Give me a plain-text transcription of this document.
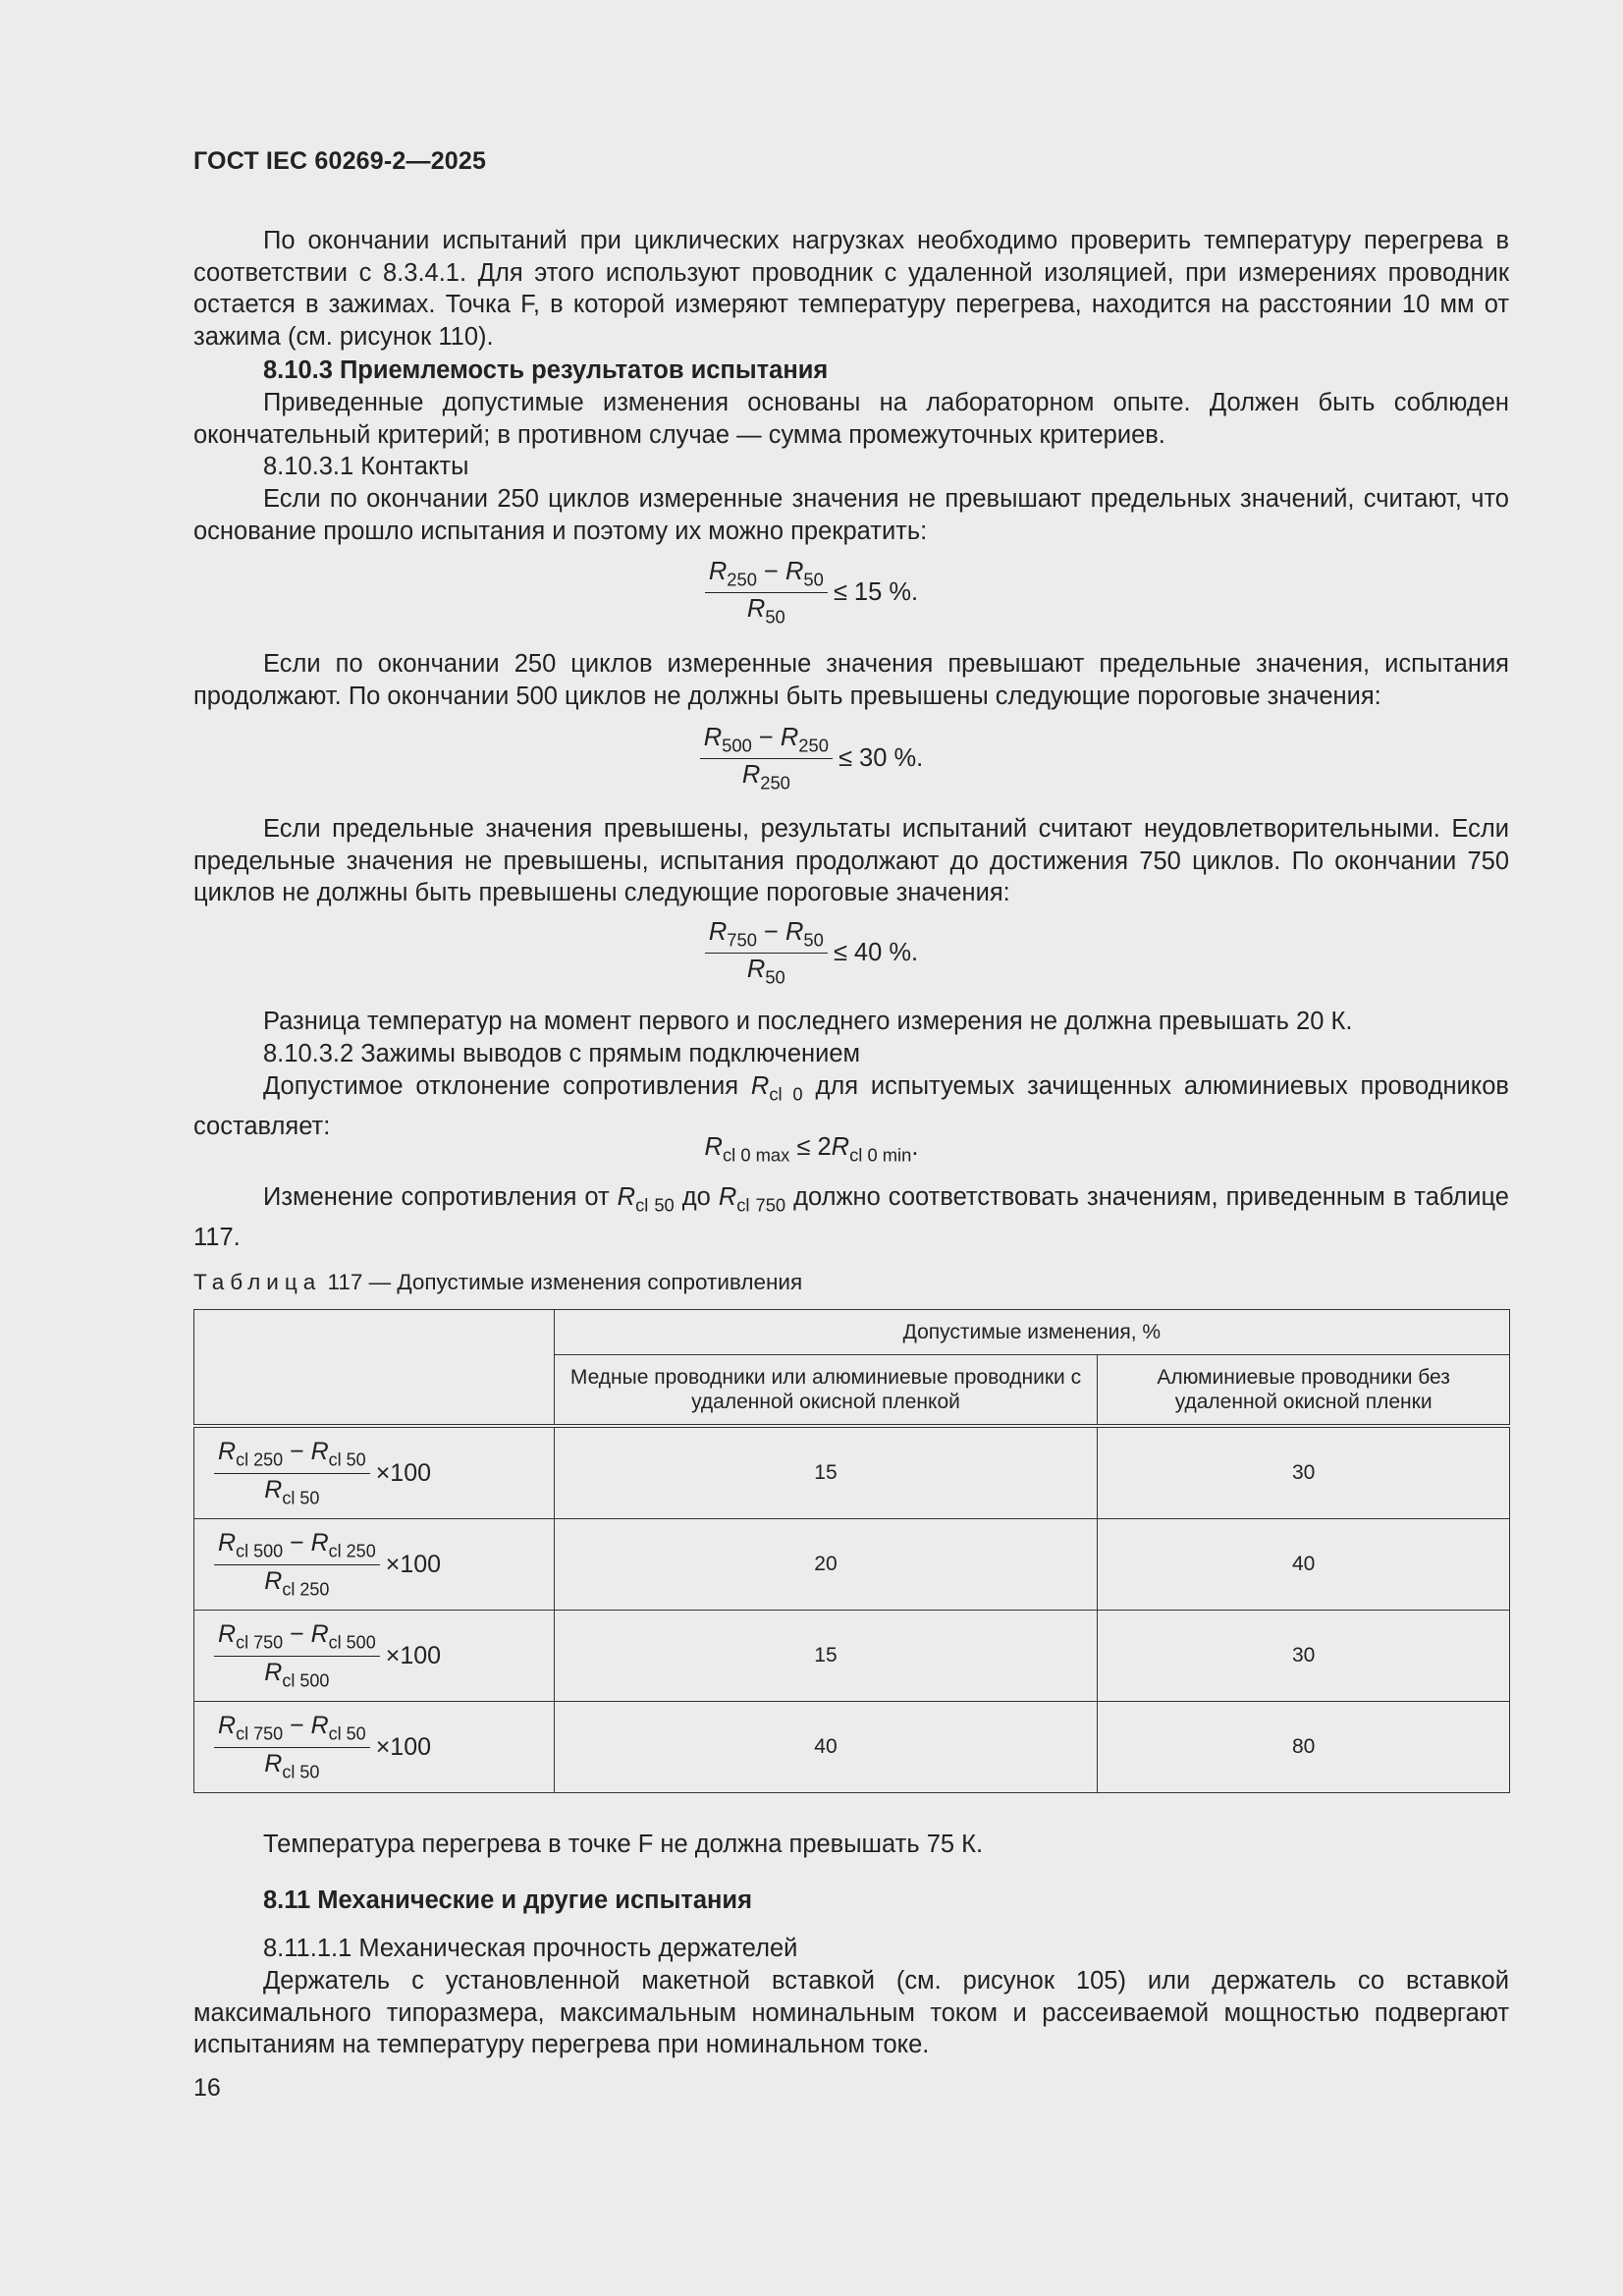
ГОСТ IEC 60269-2—2025
По окончании испытаний при циклических нагрузках необходимо проверить температуру перегрева в соответствии с 8.3.4.1. Для этого используют проводник с удаленной изоляцией, при измерениях проводник остается в зажимах. Точка F, в которой измеряют температуру перегрева, находится на расстоянии 10 мм от зажима (см. рисунок 110).
8.10.3 Приемлемость результатов испытания
Приведенные допустимые изменения основаны на лабораторном опыте. Должен быть соблюден окончательный критерий; в противном случае — сумма промежуточных критериев.
8.10.3.1 Контакты
Если по окончании 250 циклов измеренные значения не превышают предельных значений, считают, что основание прошло испытания и поэтому их можно прекратить:
$\frac{R_{250} - R_{50}}{R_{50}} \le 15$ %.
Если по окончании 250 циклов измеренные значения превышают предельные значения, испытания продолжают. По окончании 500 циклов не должны быть превышены следующие пороговые значения:
$\frac{R_{500} - R_{250}}{R_{250}} \le 30$ %.
Если предельные значения превышены, результаты испытаний считают неудовлетворительными. Если предельные значения не превышены, испытания продолжают до достижения 750 циклов. По окончании 750 циклов не должны быть превышены следующие пороговые значения:
$\frac{R_{750} - R_{50}}{R_{50}} \le 40$ %.
Разница температур на момент первого и последнего измерения не должна превышать 20 К.
8.10.3.2 Зажимы выводов с прямым подключением
Допустимое отклонение сопротивления $R_{cl 0}$ для испытуемых зачищенных алюминиевых проводников составляет:
$R_{cl 0 max} \le 2R_{cl 0 min}$.
Изменение сопротивления от $R_{cl 50}$ до $R_{cl 750}$ должно соответствовать значениям, приведенным в таблице 117.
Таблица 117 — Допустимые изменения сопротивления
	Допустимые изменения, %	
	Медные проводники или алюминиевые проводники с удаленной окисной пленкой	Алюминиевые проводники без удаленной окисной пленки

$\frac{R_{cl 250} - R_{cl 50}}{R_{cl 50}} \times 100$	15	30

$\frac{R_{cl 500} - R_{cl 250}}{R_{cl 250}} \times 100$	20	40

$\frac{R_{cl 750} - R_{cl 500}}{R_{cl 500}} \times 100$	15	30

$\frac{R_{cl 750} - R_{cl 50}}{R_{cl 50}} \times 100$	40	80
Температура перегрева в точке F не должна превышать 75 К.
8.11 Механические и другие испытания
8.11.1.1 Механическая прочность держателей
Держатель с установленной макетной вставкой (см. рисунок 105) или держатель со вставкой максимального типоразмера, максимальным номинальным током и рассеиваемой мощностью подвергают испытаниям на температуру перегрева при номинальном токе.
16
